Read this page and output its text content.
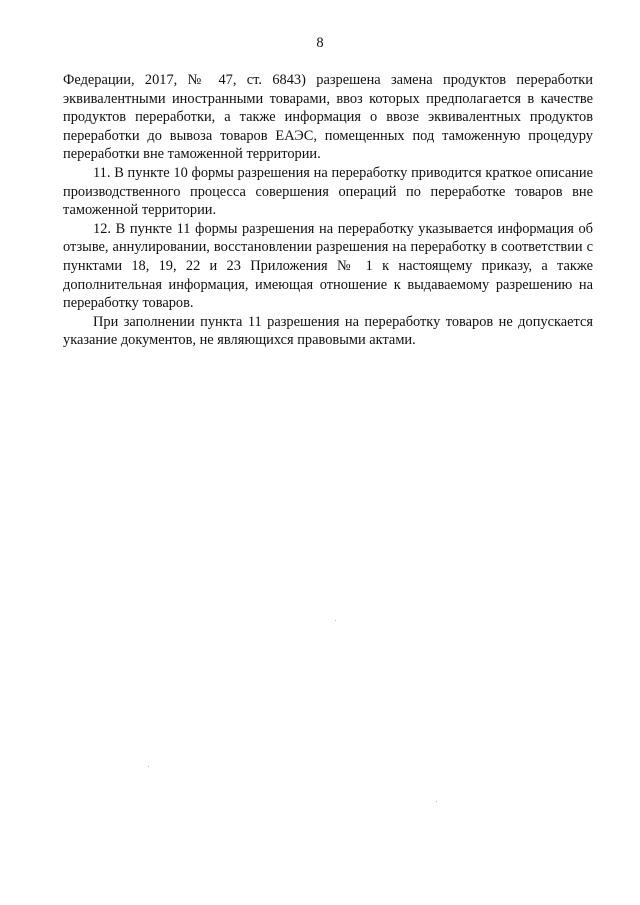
8

Федерации, 2017, № 47, ст. 6843) разрешена замена продуктов переработки эквивалентными иностранными товарами, ввоз которых предполагается в качестве продуктов переработки, а также информация о ввозе эквивалентных продуктов переработки до вывоза товаров ЕАЭС, помещенных под таможенную процедуру переработки вне таможенной территории.

11. В пункте 10 формы разрешения на переработку приводится краткое описание производственного процесса совершения операций по переработке товаров вне таможенной территории.

12. В пункте 11 формы разрешения на переработку указывается информация об отзыве, аннулировании, восстановлении разрешения на переработку в соответствии с пунктами 18, 19, 22 и 23 Приложения № 1 к настоящему приказу, а также дополнительная информация, имеющая отношение к выдаваемому разрешению на переработку товаров.

При заполнении пункта 11 разрешения на переработку товаров не допускается указание документов, не являющихся правовыми актами.
